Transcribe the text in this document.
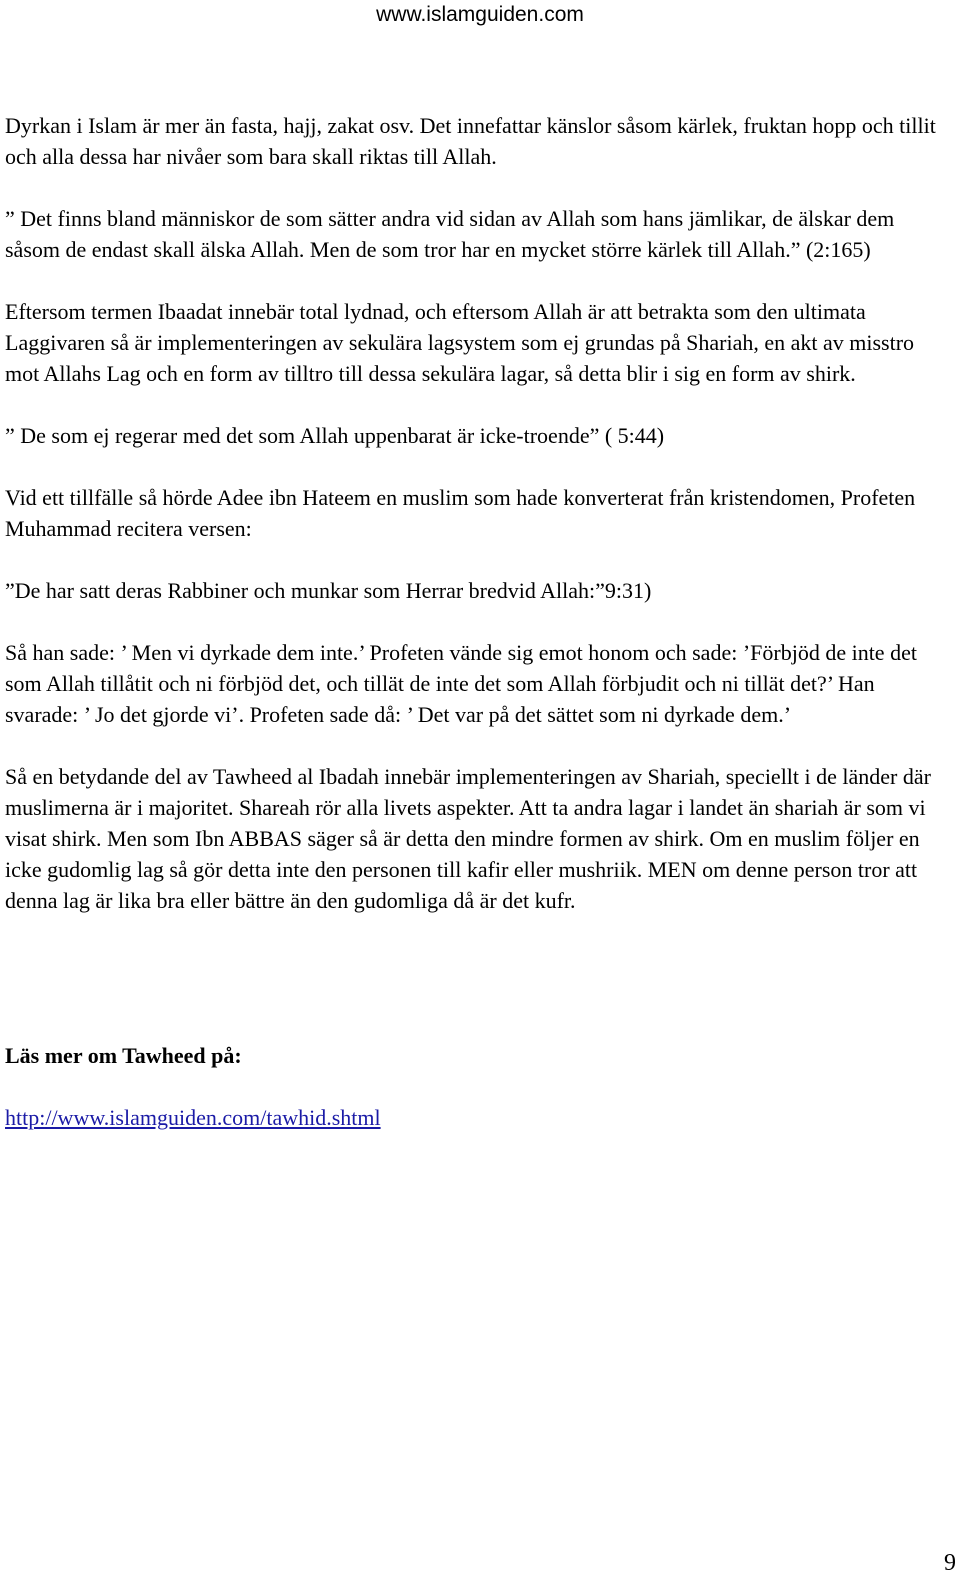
www.islamguiden.com

Dyrkan i Islam är mer än fasta, hajj, zakat osv. Det innefattar känslor såsom kärlek, fruktan hopp och tillit och alla dessa har nivåer som bara skall riktas till Allah.

” Det finns bland människor de som sätter andra vid sidan av Allah som hans jämlikar, de älskar dem såsom de endast skall älska Allah. Men de som tror har en mycket större kärlek till Allah.” (2:165)

Eftersom termen Ibaadat innebär total lydnad, och eftersom Allah är att betrakta som den ultimata Laggivaren så är implementeringen av sekulära lagsystem som ej grundas på Shariah, en akt av misstro mot Allahs Lag och en form av tilltro till dessa sekulära lagar, så detta blir i sig en form av shirk.

” De som ej regerar med det som Allah uppenbarat är icke-troende” ( 5:44)

Vid ett tillfälle så hörde Adee ibn Hateem en muslim som hade konverterat från kristendomen, Profeten Muhammad recitera versen:

”De har satt deras Rabbiner och munkar som Herrar bredvid Allah:”9:31)

Så han sade: ’ Men vi dyrkade dem inte.’ Profeten vände sig emot honom och sade: ’Förbjöd de inte det som Allah tillåtit och ni förbjöd det, och tillät de inte det som Allah förbjudit och ni tillät det?’ Han svarade: ’ Jo det gjorde vi’. Profeten sade då: ’ Det var på det sättet som ni dyrkade dem.’

Så en betydande del av Tawheed al Ibadah innebär implementeringen av Shariah, speciellt i de länder där muslimerna är i majoritet. Shareah rör alla livets aspekter. Att ta andra lagar i landet än shariah är som vi visat shirk. Men som Ibn ABBAS säger så är detta den mindre formen av shirk. Om en muslim följer en icke gudomlig lag så gör detta inte den personen till kafir eller mushriik. MEN om denne person tror att denna lag är lika bra eller bättre än den gudomliga då är det kufr.

Läs mer om Tawheed på:

http://www.islamguiden.com/tawhid.shtml
9
